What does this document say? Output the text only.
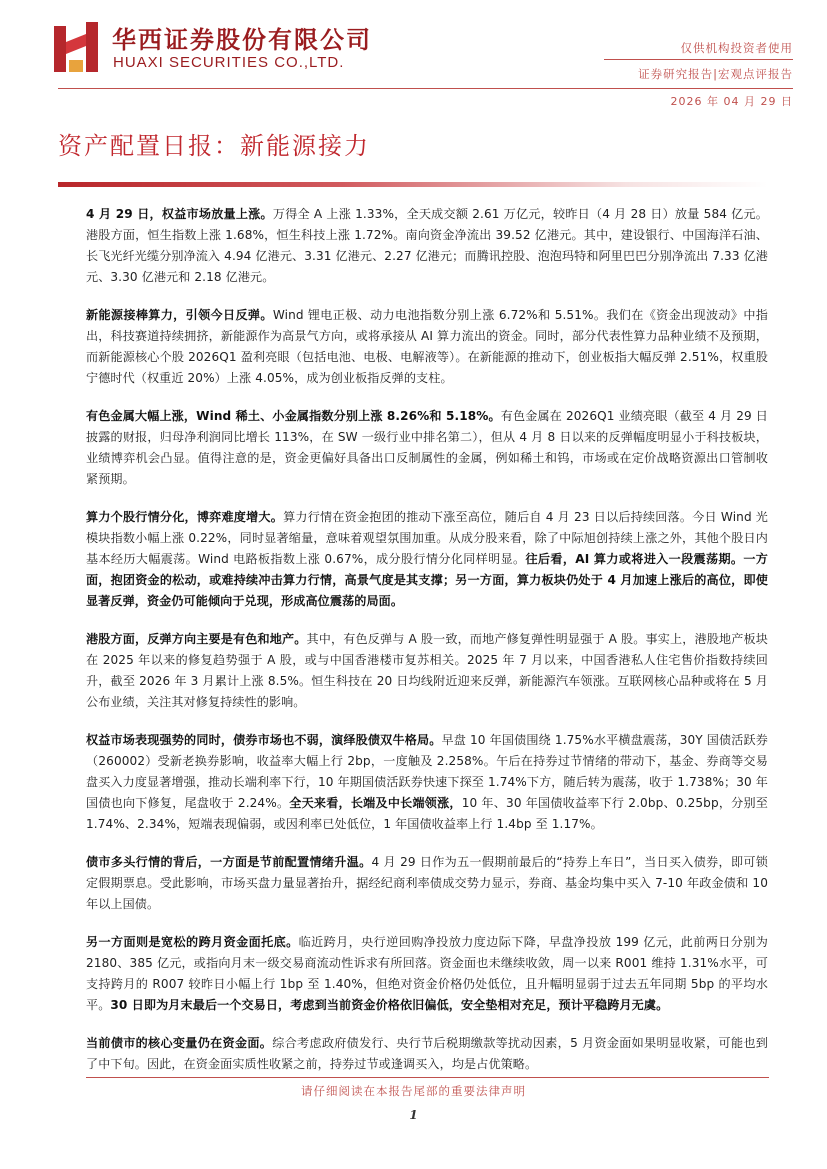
华西证券股份有限公司
HUAXI SECURITIES CO.,LTD.
仅供机构投资者使用
证券研究报告|宏观点评报告
2026 年 04 月 29 日
资产配置日报：新能源接力

4 月 29 日，权益市场放量上涨。万得全 A 上涨 1.33%，全天成交额 2.61 万亿元，较昨日（4 月 28 日）放量 584 亿元。港股方面，恒生指数上涨 1.68%，恒生科技上涨 1.72%。南向资金净流出 39.52 亿港元。其中，建设银行、中国海洋石油、长飞光纤光缆分别净流入 4.94 亿港元、3.31 亿港元、2.27 亿港元；而腾讯控股、泡泡玛特和阿里巴巴分别净流出 7.33 亿港元、3.30 亿港元和 2.18 亿港元。

新能源接棒算力，引领今日反弹。Wind 锂电正极、动力电池指数分别上涨 6.72%和 5.51%。我们在《资金出现波动》中指出，科技赛道持续拥挤，新能源作为高景气方向，或将承接从 AI 算力流出的资金。同时，部分代表性算力品种业绩不及预期，而新能源核心个股 2026Q1 盈利亮眼（包括电池、电极、电解液等）。在新能源的推动下，创业板指大幅反弹 2.51%，权重股宁德时代（权重近 20%）上涨 4.05%，成为创业板指反弹的支柱。

有色金属大幅上涨，Wind 稀土、小金属指数分别上涨 8.26%和 5.18%。有色金属在 2026Q1 业绩亮眼（截至 4 月 29 日披露的财报，归母净利润同比增长 113%，在 SW 一级行业中排名第二），但从 4 月 8 日以来的反弹幅度明显小于科技板块，业绩博弈机会凸显。值得注意的是，资金更偏好具备出口反制属性的金属，例如稀土和钨，市场或在定价战略资源出口管制收紧预期。

算力个股行情分化，博弈难度增大。算力行情在资金抱团的推动下涨至高位，随后自 4 月 23 日以后持续回落。今日 Wind 光模块指数小幅上涨 0.22%，同时显著缩量，意味着观望氛围加重。从成分股来看，除了中际旭创持续上涨之外，其他个股日内基本经历大幅震荡。Wind 电路板指数上涨 0.67%，成分股行情分化同样明显。往后看，AI 算力或将进入一段震荡期。一方面，抱团资金的松动，或难持续冲击算力行情，高景气度是其支撑；另一方面，算力板块仍处于 4 月加速上涨后的高位，即使显著反弹，资金仍可能倾向于兑现，形成高位震荡的局面。

港股方面，反弹方向主要是有色和地产。其中，有色反弹与 A 股一致，而地产修复弹性明显强于 A 股。事实上，港股地产板块在 2025 年以来的修复趋势强于 A 股，或与中国香港楼市复苏相关。2025 年 7 月以来，中国香港私人住宅售价指数持续回升，截至 2026 年 3 月累计上涨 8.5%。恒生科技在 20 日均线附近迎来反弹，新能源汽车领涨。互联网核心品种或将在 5 月公布业绩，关注其对修复持续性的影响。

权益市场表现强势的同时，债券市场也不弱，演绎股债双牛格局。早盘 10 年国债围绕 1.75%水平横盘震荡，30Y 国债活跃券（260002）受新老换券影响，收益率大幅上行 2bp，一度触及 2.258%。午后在持券过节情绪的带动下，基金、券商等交易盘买入力度显著增强，推动长端利率下行，10 年期国债活跃券快速下探至 1.74%下方，随后转为震荡，收于 1.738%；30 年国债也向下修复，尾盘收于 2.24%。全天来看，长端及中长端领涨，10 年、30 年国债收益率下行 2.0bp、0.25bp，分别至 1.74%、2.34%，短端表现偏弱，或因利率已处低位，1 年国债收益率上行 1.4bp 至 1.17%。

债市多头行情的背后，一方面是节前配置情绪升温。4 月 29 日作为五一假期前最后的“持券上车日”，当日买入债券，即可锁定假期票息。受此影响，市场买盘力量显著抬升，据经纪商利率债成交势力显示，券商、基金均集中买入 7-10 年政金债和 10 年以上国债。

另一方面则是宽松的跨月资金面托底。临近跨月，央行逆回购净投放力度边际下降，早盘净投放 199 亿元，此前两日分别为 2180、385 亿元，或指向月末一级交易商流动性诉求有所回落。资金面也未继续收敛，周一以来 R001 维持 1.31%水平，可支持跨月的 R007 较昨日小幅上行 1bp 至 1.40%，但绝对资金价格仍处低位，且升幅明显弱于过去五年同期 5bp 的平均水平。30 日即为月末最后一个交易日，考虑到当前资金价格依旧偏低，安全垫相对充足，预计平稳跨月无虞。

当前债市的核心变量仍在资金面。综合考虑政府债发行、央行节后税期缴款等扰动因素，5 月资金面如果明显收紧，可能也到了中下旬。因此，在资金面实质性收紧之前，持券过节或逢调买入，均是占优策略。

请仔细阅读在本报告尾部的重要法律声明
1
